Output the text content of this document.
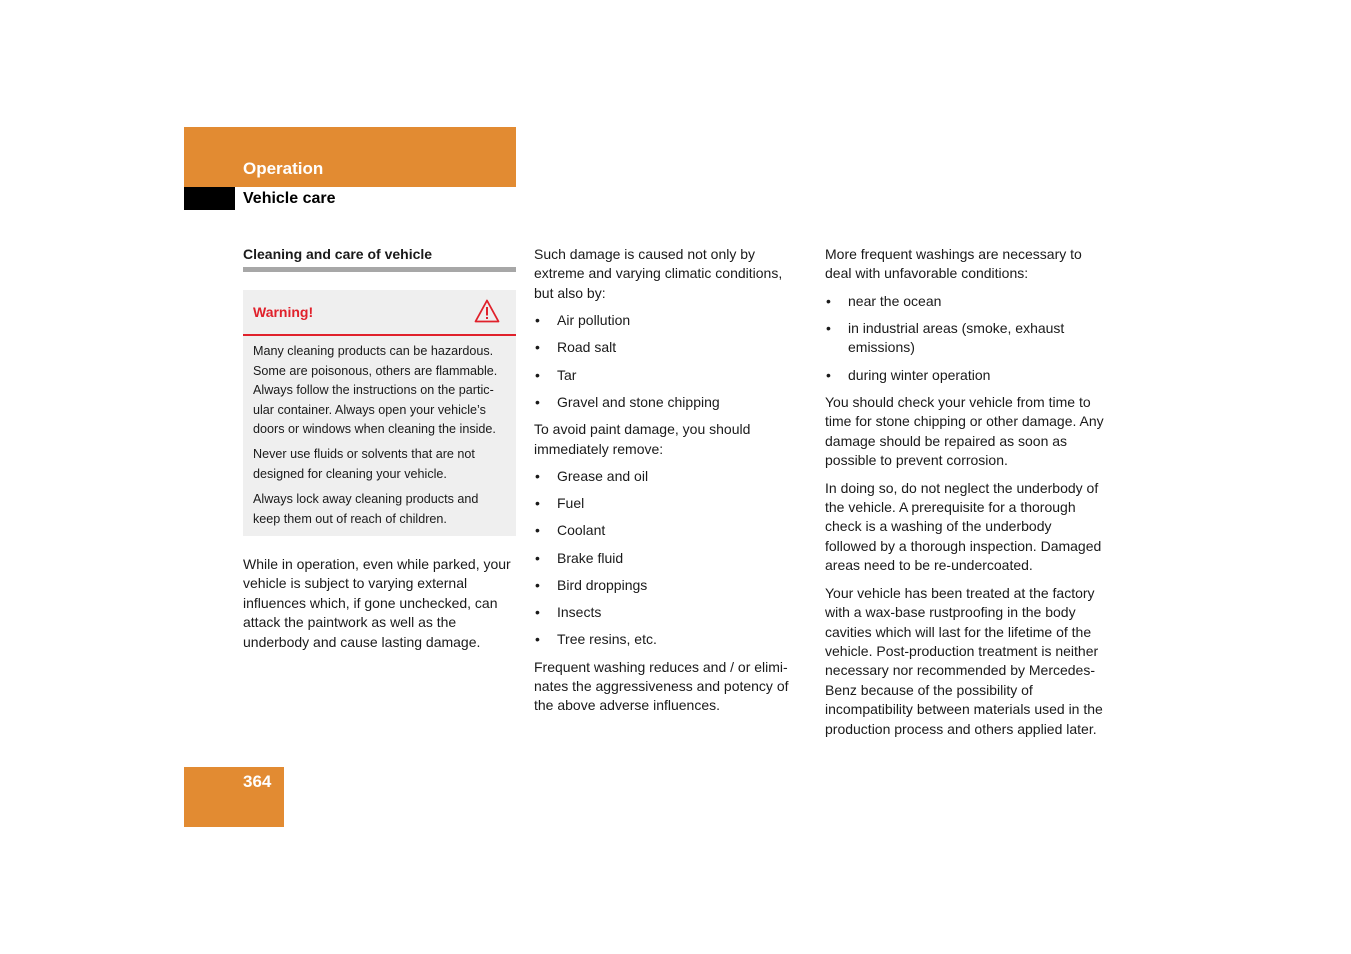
Operation
Vehicle care
Cleaning and care of vehicle
Warning!

Many cleaning products can be hazardous. Some are poisonous, others are flammable. Always follow the instructions on the particular container. Always open your vehicle’s doors or windows when cleaning the inside.

Never use fluids or solvents that are not designed for cleaning your vehicle.

Always lock away cleaning products and keep them out of reach of children.

While in operation, even while parked, your vehicle is subject to varying external influences which, if gone unchecked, can attack the paintwork as well as the underbody and cause lasting damage.

Such damage is caused not only by extreme and varying climatic conditions, but also by:

• Air pollution
• Road salt
• Tar
• Gravel and stone chipping

To avoid paint damage, you should immediately remove:

• Grease and oil
• Fuel
• Coolant
• Brake fluid
• Bird droppings
• Insects
• Tree resins, etc.

Frequent washing reduces and / or eliminates the aggressiveness and potency of the above adverse influences.

More frequent washings are necessary to deal with unfavorable conditions:

• near the ocean
• in industrial areas (smoke, exhaust emissions)
• during winter operation

You should check your vehicle from time to time for stone chipping or other damage. Any damage should be repaired as soon as possible to prevent corrosion.

In doing so, do not neglect the underbody of the vehicle. A prerequisite for a thorough check is a washing of the underbody followed by a thorough inspection. Damaged areas need to be re-undercoated.

Your vehicle has been treated at the factory with a wax-base rustproofing in the body cavities which will last for the lifetime of the vehicle. Post-production treatment is neither necessary nor recommended by Mercedes-Benz because of the possibility of incompatibility between materials used in the production process and others applied later.

364
